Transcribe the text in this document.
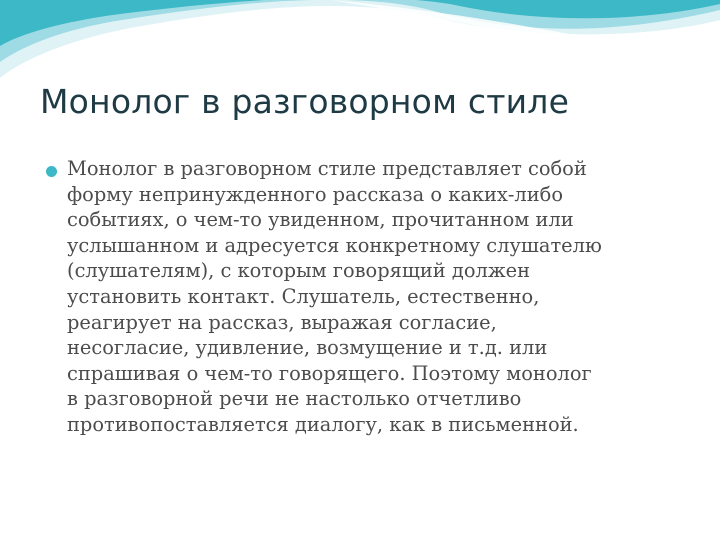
Монолог в разговорном стиле
Монолог в разговорном стиле представляет собой
форму непринужденного рассказа о каких-либо
событиях, о чем-то увиденном, прочитанном или
услышанном и адресуется конкретному слушателю
(слушателям), с которым говорящий должен
установить контакт. Слушатель, естественно,
реагирует на рассказ, выражая согласие,
несогласие, удивление, возмущение и т.д. или
спрашивая о чем-то говорящего. Поэтому монолог
в разговорной речи не настолько отчетливо
противопоставляется диалогу, как в письменной.
